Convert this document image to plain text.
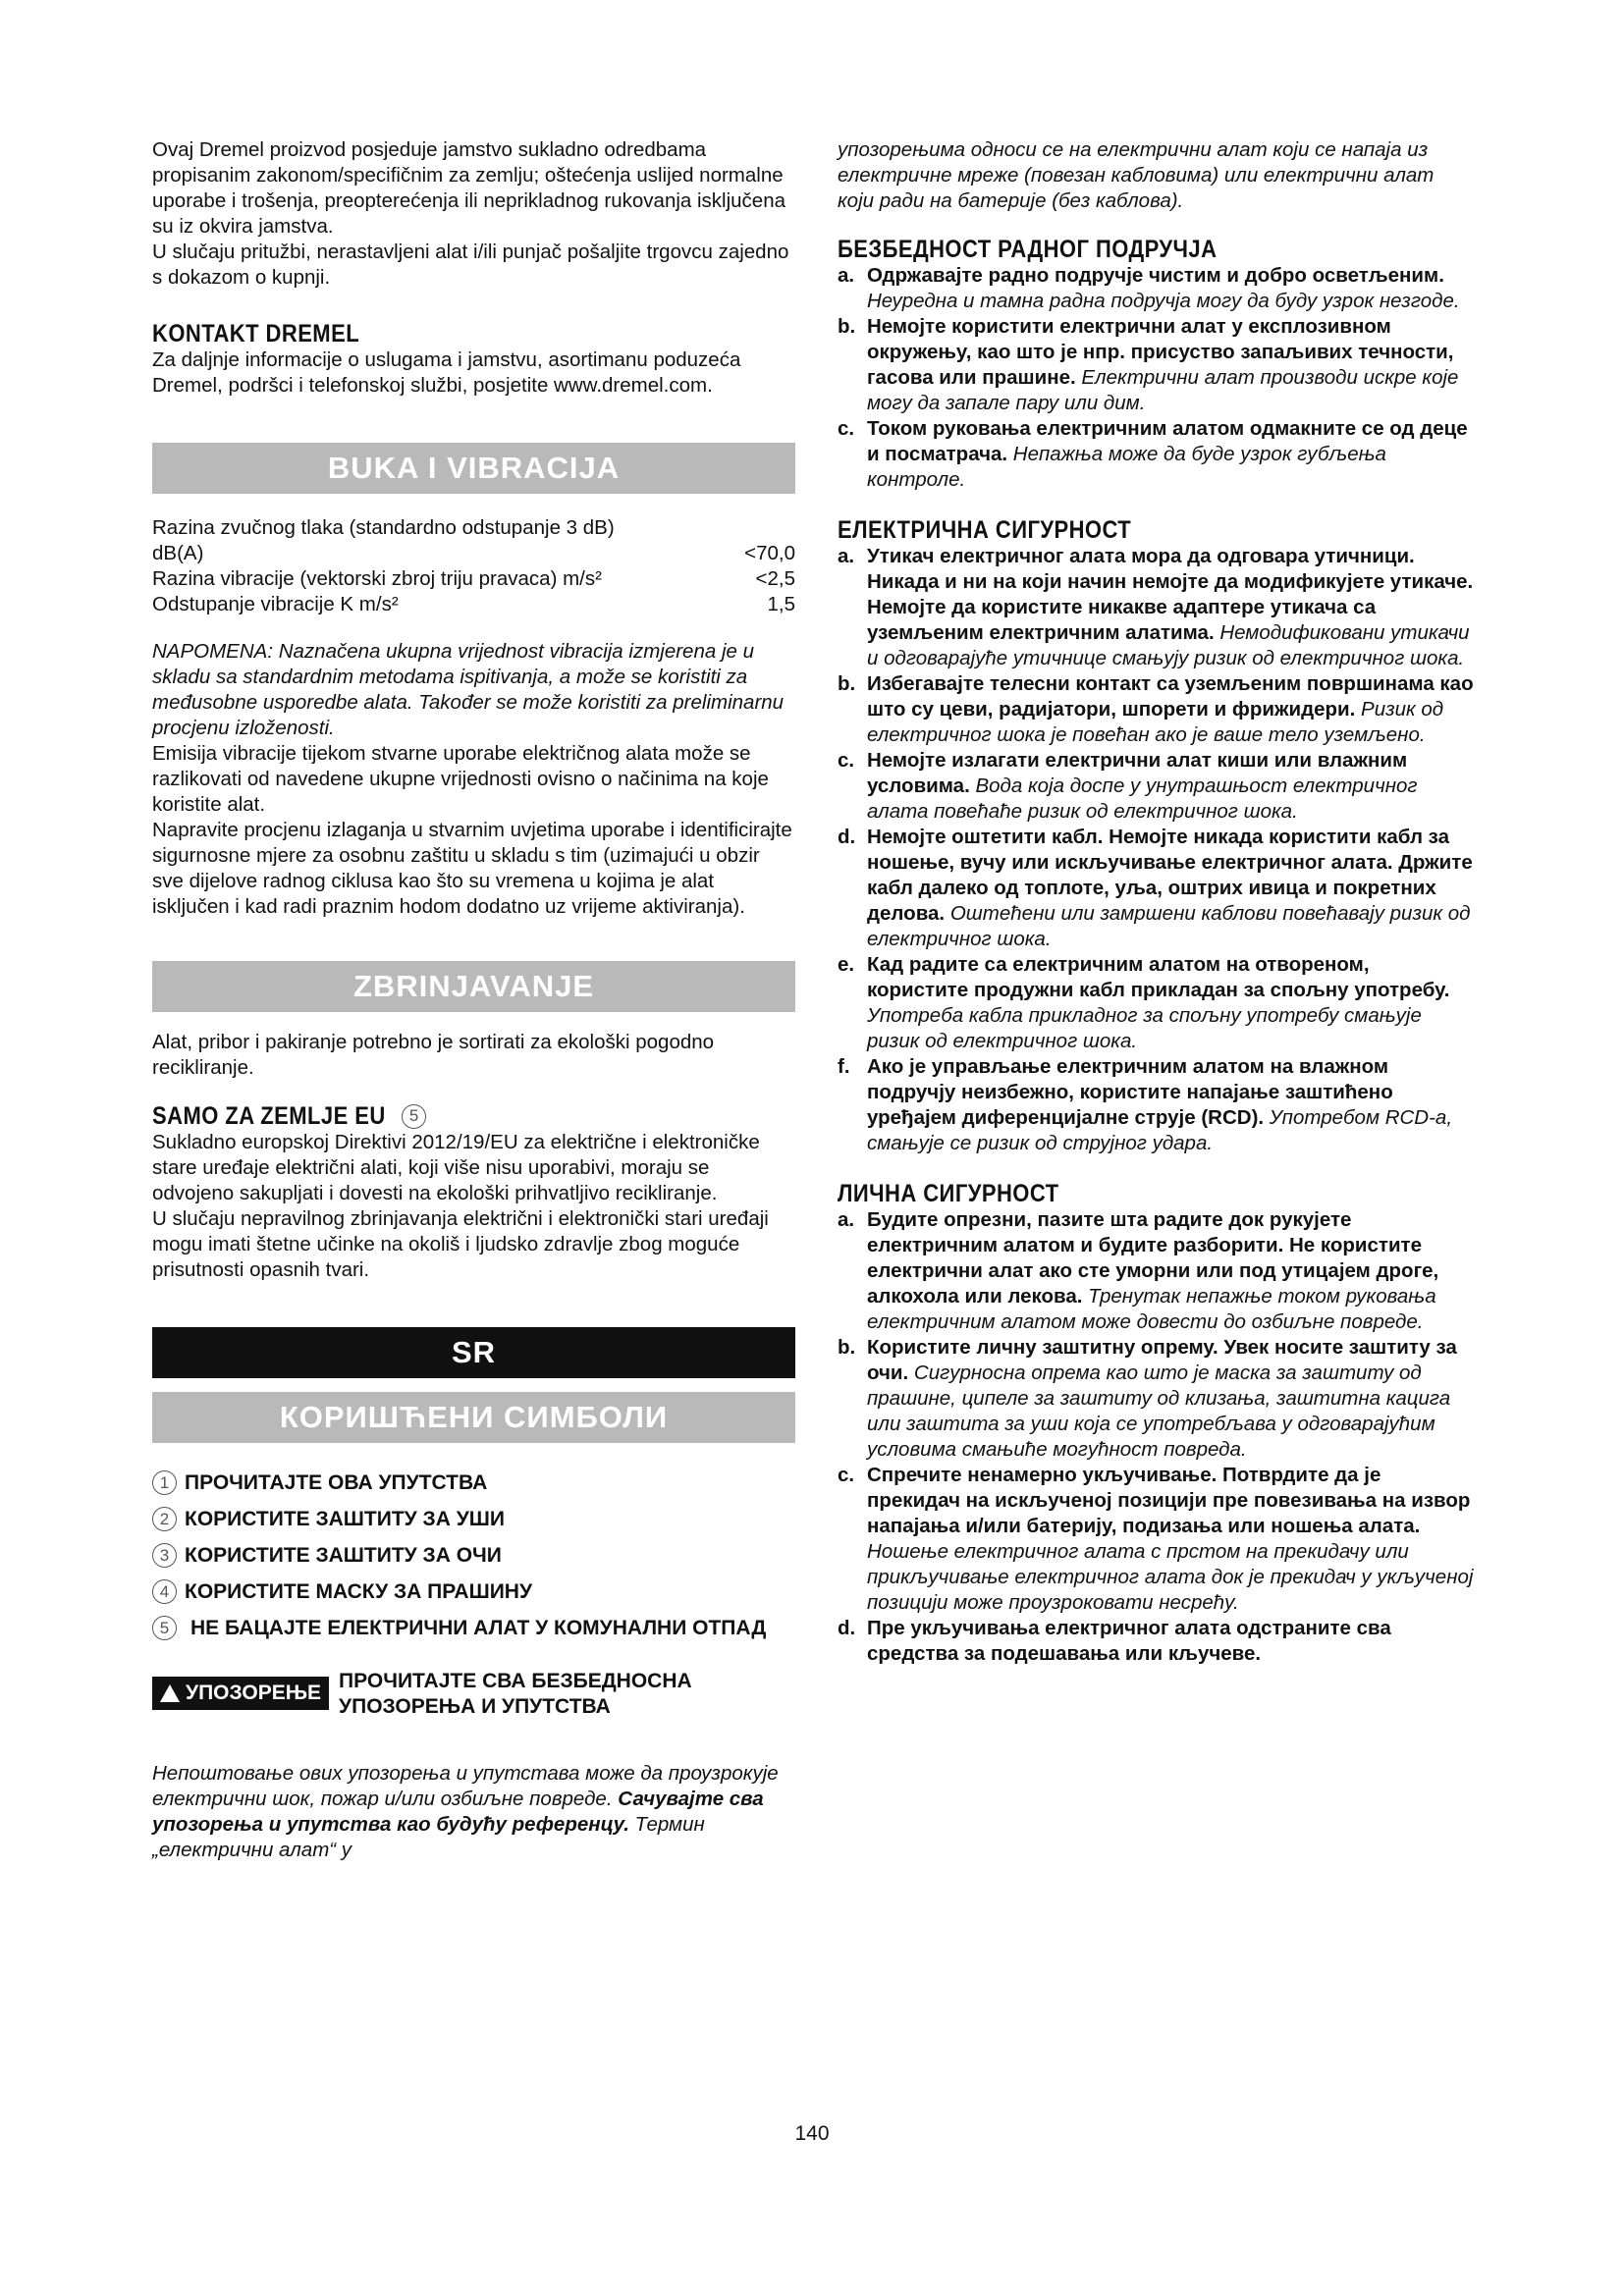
Ovaj Dremel proizvod posjeduje jamstvo sukladno odredbama propisanim zakonom/specifičnim za zemlju; oštećenja uslijed normalne uporabe i trošenja, preopterećenja ili neprikladnog rukovanja isključena su iz okvira jamstva.

U slučaju pritužbi, nerastavljeni alat i/ili punjač pošaljite trgovcu zajedno s dokazom o kupnji.

KONTAKT DREMEL

Za daljnje informacije o uslugama i jamstvu, asortimanu poduzeća Dremel, podršci i telefonskoj službi, posjetite www.dremel.com.

BUKA I VIBRACIJA
Razina zvučnog tlaka (standardno odstupanje 3 dB)
dB(A)	<70,0
Razina vibracije (vektorski zbroj triju pravaca) m/s²	<2,5
Odstupanje vibracije K m/s²	1,5

NAPOMENA: Naznačena ukupna vrijednost vibracija izmjerena je u skladu sa standardnim metodama ispitivanja, a može se koristiti za međusobne usporedbe alata. Također se može koristiti za preliminarnu procjenu izloženosti.

Emisija vibracije tijekom stvarne uporabe električnog alata može se razlikovati od navedene ukupne vrijednosti ovisno o načinima na koje koristite alat.

Napravite procjenu izlaganja u stvarnim uvjetima uporabe i identificirajte sigurnosne mjere za osobnu zaštitu u skladu s tim (uzimajući u obzir sve dijelove radnog ciklusa kao što su vremena u kojima je alat isključen i kad radi praznim hodom dodatno uz vrijeme aktiviranja).

ZBRINJAVANJE

Alat, pribor i pakiranje potrebno je sortirati za ekološki pogodno recikliranje.

SAMO ZA ZEMLJE EU	5

Sukladno europskoj Direktivi 2012/19/EU za električne i elektroničke stare uređaje električni alati, koji više nisu uporabivi, moraju se odvojeno sakupljati i dovesti na ekološki prihvatljivo recikliranje.

U slučaju nepravilnog zbrinjavanja električni i elektronički stari uređaji mogu imati štetne učinke na okoliš i ljudsko zdravlje zbog moguće prisutnosti opasnih tvari.

SR
КОРИШЋЕНИ СИМБОЛИ
1 ПРОЧИТАЈТЕ ОВА УПУТСТВА
2 КОРИСТИТЕ ЗАШТИТУ ЗА УШИ
3 КОРИСТИТЕ ЗАШТИТУ ЗА ОЧИ
4 КОРИСТИТЕ МАСКУ ЗА ПРАШИНУ
5	НЕ БАЦАЈТЕ ЕЛЕКТРИЧНИ АЛАТ У КОМУНАЛНИ ОТПАД
УПОЗОРЕЊЕ
ПРОЧИТАЈТЕ СВА БЕЗБЕДНОСНА УПОЗОРЕЊА И УПУТСТВА

Непоштовање ових упозорења и упутстава може да проузрокује електрични шок, пожар и/или озбиљне повреде. Сачувајте сва упозорења и упутства као будућу референцу. Термин „електрични алат“ у

упозорењима односи се на електрични алат који се напаја из електричне мреже (повезан кабловима) или електрични алат који ради на батерије (без каблова).

БЕЗБЕДНОСТ РАДНОГ ПОДРУЧЈА
a. Одржавајте радно подручје чистим и добро осветљеним. Неуредна и тамна радна подручја могу да буду узрок незгоде.
b. Немојте користити електрични алат у експлозивном окружењу, као што је нпр. присуство запаљивих течности, гасова или прашине. Електрични алат производи искре које могу да запале пару или дим.
c. Током руковања електричним алатом одмакните се од деце и посматрача. Непажња може да буде узрок губљења контроле.
ЕЛЕКТРИЧНА СИГУРНОСТ
a. Утикач електричног алата мора да одговара утичници. Никада и ни на који начин немојте да модификујете утикаче. Немојте да користите никакве адаптере утикача са уземљеним електричним алатима. Немодификовани утикачи и одговарајуће утичнице смањују ризик од електричног шока.
b. Избегавајте телесни контакт са уземљеним површинама као што су цеви, радијатори, шпорети и фрижидери. Ризик од електричног шока је повећан ако је ваше тело уземљено.
c. Немојте излагати електрични алат киши или влажним условима. Вода која доспе у унутрашњост електричног алата повећаће ризик од електричног шока.
d. Немојте оштетити кабл. Немојте никада користити кабл за ношење, вучу или искључивање електричног алата. Држите кабл далеко од топлоте, уља, оштрих ивица и покретних делова. Оштећени или замршени каблови повећавају ризик од електричног шока.
e. Кад радите са електричним алатом на отвореном, користите продужни кабл прикладан за спољну употребу. Употреба кабла прикладног за спољну употребу смањује ризик од електричног шока.
f. Ако је управљање електричним алатом на влажном подручју неизбежно, користите напајање заштићено уређајем диференцијалне струје (RCD). Употребом RCD-a, смањује се ризик од струјног удара.
ЛИЧНА СИГУРНОСТ
a. Будите опрезни, пазите шта радите док рукујете електричним алатом и будите разборити. Не користите електрични алат ако сте уморни или под утицајем дроге, алкохола или лекова. Тренутак непажње током руковања електричним алатом може довести до озбиљне повреде.
b. Користите личну заштитну опрему. Увек носите заштиту за очи. Сигурносна опрема као што је маска за заштиту од прашине, ципеле за заштиту од клизања, заштитна кацига или заштита за уши која се употребљава у одговарајућим условима смањиће могућност повреда.
c. Спречите ненамерно укључивање. Потврдите да је прекидач на искљученој позицији пре повезивања на извор напајања и/или батерију, подизања или ношења алата. Ношење електричног алата с прстом на прекидачу или прикључивање електричног алата док је прекидач у укљученој позицији може проузроковати несрећу.
d. Пре укључивања електричног алата одстраните сва средства за подешавања или кључеве.
140
